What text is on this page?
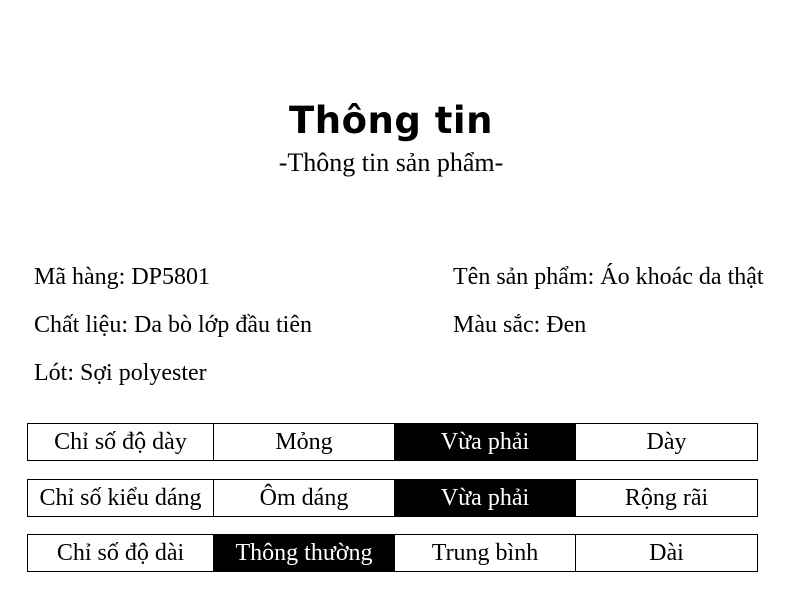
Thông tin
-Thông tin sản phẩm-
Mã hàng: DP5801	Tên sản phẩm: Áo khoác da thật
Chất liệu: Da bò lớp đầu tiên	Màu sắc: Đen
Lót: Sợi polyester
Chỉ số độ dày	Mỏng	Vừa phải	Dày
Chỉ số kiểu dáng	Ôm dáng	Vừa phải	Rộng rãi
Chỉ số độ dài	Thông thường	Trung bình	Dài
